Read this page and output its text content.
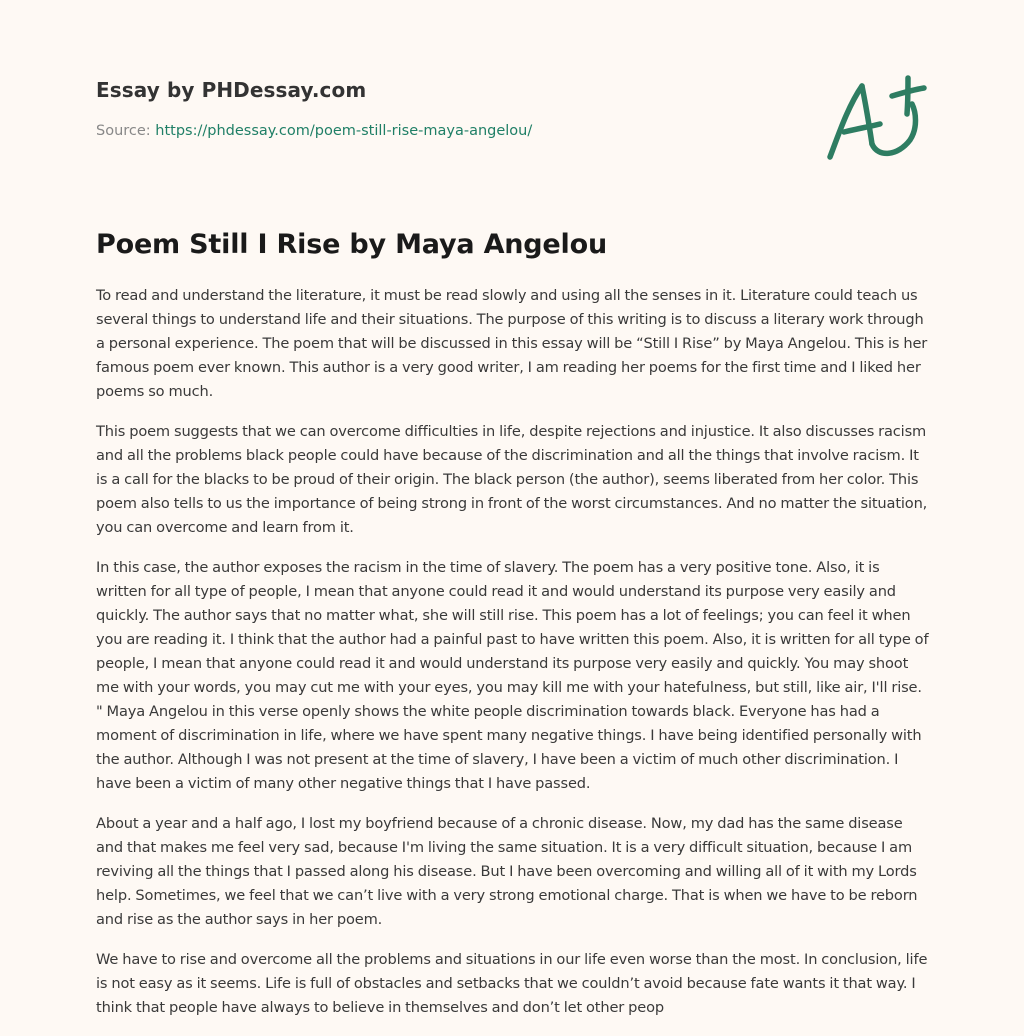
Essay by PHDessay.com
Source: https://phdessay.com/poem-still-rise-maya-angelou/
Poem Still I Rise by Maya Angelou

To read and understand the literature, it must be read slowly and using all the senses in it. Literature could teach us several things to understand life and their situations. The purpose of this writing is to discuss a literary work through a personal experience. The poem that will be discussed in this essay will be “Still I Rise” by Maya Angelou. This is her famous poem ever known. This author is a very good writer, I am reading her poems for the first time and I liked her poems so much.

This poem suggests that we can overcome difficulties in life, despite rejections and injustice. It also discusses racism and all the problems black people could have because of the discrimination and all the things that involve racism. It is a call for the blacks to be proud of their origin. The black person (the author), seems liberated from her color. This poem also tells to us the importance of being strong in front of the worst circumstances. And no matter the situation, you can overcome and learn from it.

In this case, the author exposes the racism in the time of slavery. The poem has a very positive tone. Also, it is written for all type of people, I mean that anyone could read it and would understand its purpose very easily and quickly. The author says that no matter what, she will still rise. This poem has a lot of feelings; you can feel it when you are reading it. I think that the author had a painful past to have written this poem. Also, it is written for all type of people, I mean that anyone could read it and would understand its purpose very easily and quickly. You may shoot me with your words, you may cut me with your eyes, you may kill me with your hatefulness, but still, like air, I'll rise. " Maya Angelou in this verse openly shows the white people discrimination towards black. Everyone has had a moment of discrimination in life, where we have spent many negative things. I have being identified personally with the author. Although I was not present at the time of slavery, I have been a victim of much other discrimination. I have been a victim of many other negative things that I have passed.

About a year and a half ago, I lost my boyfriend because of a chronic disease. Now, my dad has the same disease and that makes me feel very sad, because I'm living the same situation. It is a very difficult situation, because I am reviving all the things that I passed along his disease. But I have been overcoming and willing all of it with my Lords help. Sometimes, we feel that we can’t live with a very strong emotional charge. That is when we have to be reborn and rise as the author says in her poem.

We have to rise and overcome all the problems and situations in our life even worse than the most. In conclusion, life is not easy as it seems. Life is full of obstacles and setbacks that we couldn’t avoid because fate wants it that way. I think that people have always to believe in themselves and don’t let other peop
